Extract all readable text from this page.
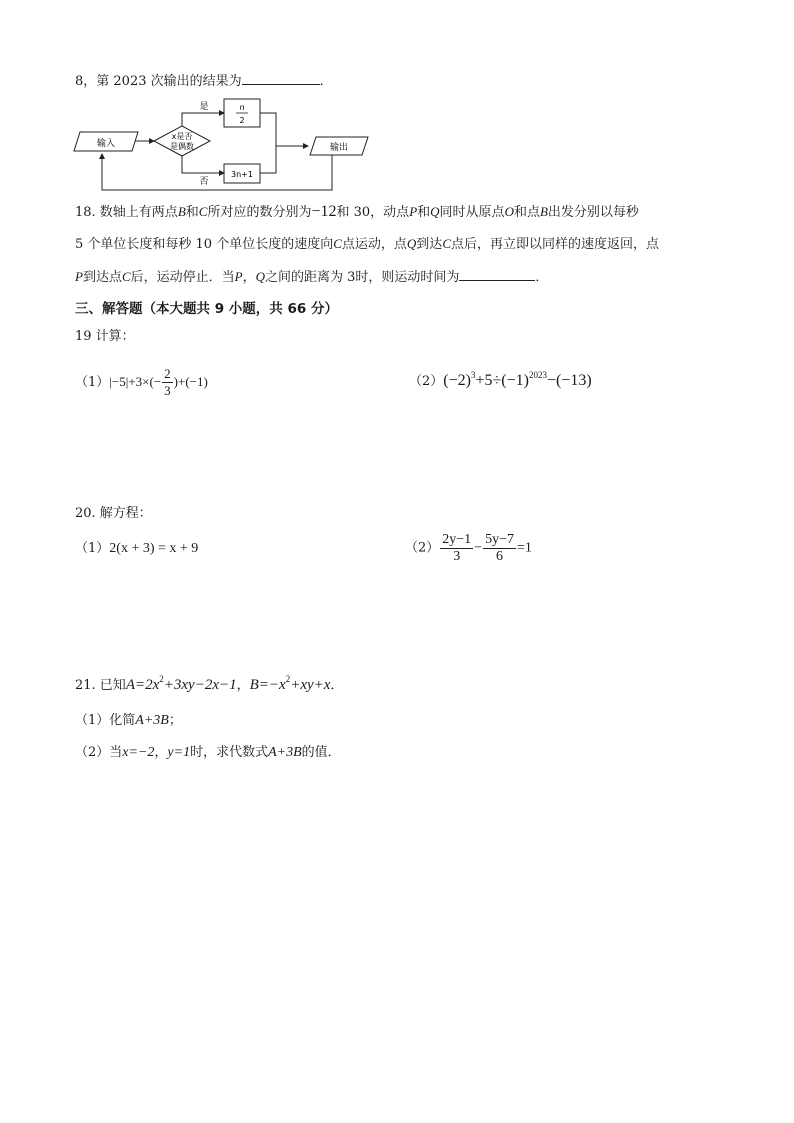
8，第 2023 次输出的结果为	．
输入
x是否
是偶数
是	n
2
否
3n+1
输出
18. 数轴上有两点B和C所对应的数分别为−12和 30，动点P和Q同时从原点O和点B出发分别以每秒
5 个单位长度和每秒 10 个单位长度的速度向C点运动，点Q到达C点后，再立即以同样的速度返回，点
P到达点C后，运动停止．当P，Q之间的距离为 3时，则运动时间为	．
三、解答题（本大题共 9 小题，共 66 分）
19 计算：
$(1)|-5|+3\times(- \frac{2}{3} )+(-1)$	$(2)(-2)^3+5\div(-1)^{2023}-(-13)$
20. 解方程：
（1）2(x + 3) = x + 9	$(2) \frac{2y-1}{3} - \frac{5y-7}{6} =1$
21. 已知$A=2x^2+3xy-2x-1$，$B=-x^2+xy+x$．
（1）化简A+3B；
（2）当x=−2，y=1时，求代数式A+3B的值．
